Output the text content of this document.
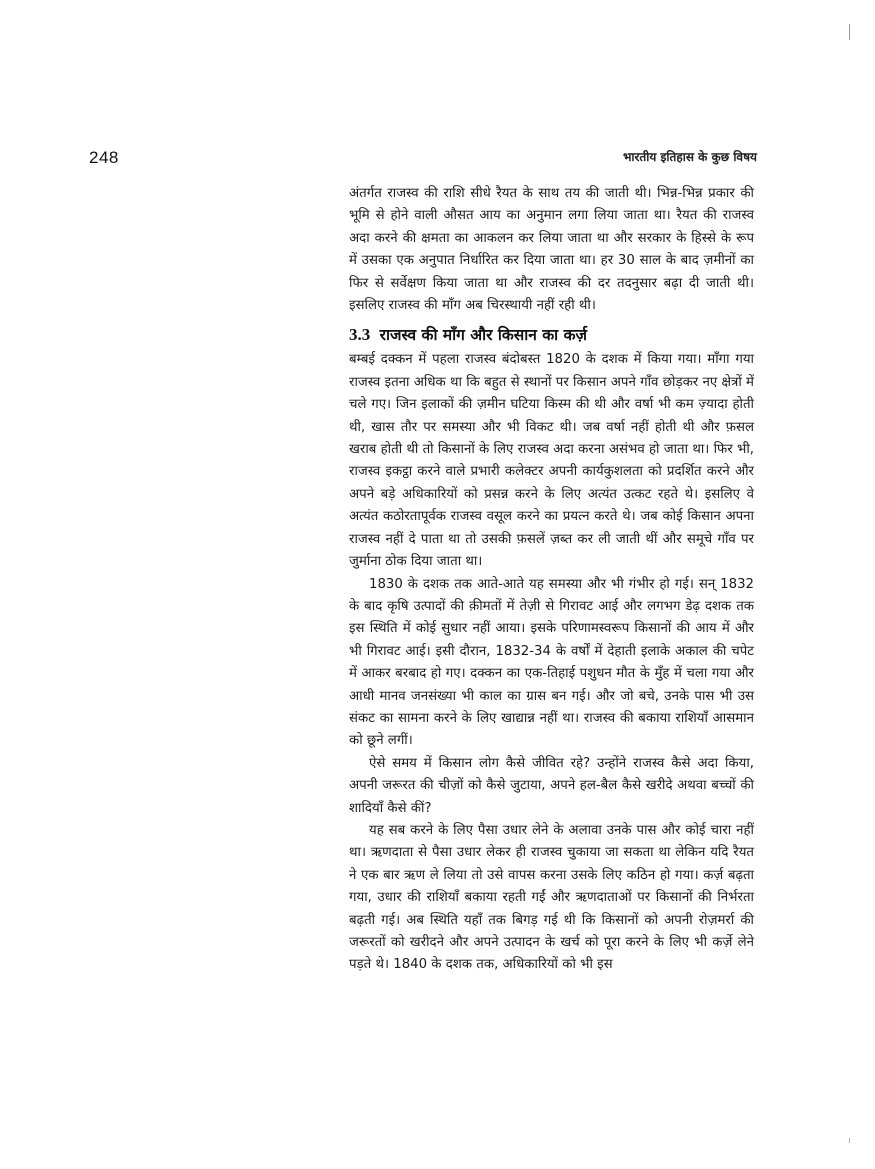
248	भारतीय इतिहास के कुछ विषय

अंतर्गत राजस्व की राशि सीधे रैयत के साथ तय की जाती थी। भिन्न-भिन्न प्रकार की भूमि से होने वाली औसत आय का अनुमान लगा लिया जाता था। रैयत की राजस्व अदा करने की क्षमता का आकलन कर लिया जाता था और सरकार के हिस्से के रूप में उसका एक अनुपात निर्धारित कर दिया जाता था। हर 30 साल के बाद ज़मीनों का फिर से सर्वेक्षण किया जाता था और राजस्व की दर तदनुसार बढ़ा दी जाती थी। इसलिए राजस्व की माँग अब चिरस्थायी नहीं रही थी।

3.3 राजस्व की माँग और किसान का कर्ज़

बम्बई दक्कन में पहला राजस्व बंदोबस्त 1820 के दशक में किया गया। माँगा गया राजस्व इतना अधिक था कि बहुत से स्थानों पर किसान अपने गाँव छोड़कर नए क्षेत्रों में चले गए। जिन इलाकों की ज़मीन घटिया किस्म की थी और वर्षा भी कम ज़्यादा होती थी, खास तौर पर समस्या और भी विकट थी। जब वर्षा नहीं होती थी और फ़सल खराब होती थी तो किसानों के लिए राजस्व अदा करना असंभव हो जाता था। फिर भी, राजस्व इकट्ठा करने वाले प्रभारी कलेक्टर अपनी कार्यकुशलता को प्रदर्शित करने और अपने बड़े अधिकारियों को प्रसन्न करने के लिए अत्यंत उत्कट रहते थे। इसलिए वे अत्यंत कठोरतापूर्वक राजस्व वसूल करने का प्रयत्न करते थे। जब कोई किसान अपना राजस्व नहीं दे पाता था तो उसकी फ़सलें ज़ब्त कर ली जाती थीं और समूचे गाँव पर जुर्माना ठोक दिया जाता था।

1830 के दशक तक आते-आते यह समस्या और भी गंभीर हो गई। सन् 1832 के बाद कृषि उत्पादों की क़ीमतों में तेज़ी से गिरावट आई और लगभग डेढ़ दशक तक इस स्थिति में कोई सुधार नहीं आया। इसके परिणामस्वरूप किसानों की आय में और भी गिरावट आई। इसी दौरान, 1832-34 के वर्षों में देहाती इलाके अकाल की चपेट में आकर बरबाद हो गए। दक्कन का एक-तिहाई पशुधन मौत के मुँह में चला गया और आधी मानव जनसंख्या भी काल का ग्रास बन गई। और जो बचे, उनके पास भी उस संकट का सामना करने के लिए खाद्यान्न नहीं था। राजस्व की बकाया राशियाँ आसमान को छूने लगीं।

ऐसे समय में किसान लोग कैसे जीवित रहे? उन्होंने राजस्व कैसे अदा किया, अपनी जरूरत की चीज़ों को कैसे जुटाया, अपने हल-बैल कैसे खरीदे अथवा बच्चों की शादियाँ कैसे कीं?

यह सब करने के लिए पैसा उधार लेने के अलावा उनके पास और कोई चारा नहीं था। ऋणदाता से पैसा उधार लेकर ही राजस्व चुकाया जा सकता था लेकिन यदि रैयत ने एक बार ऋण ले लिया तो उसे वापस करना उसके लिए कठिन हो गया। कर्ज़ बढ़ता गया, उधार की राशियाँ बकाया रहती गईं और ऋणदाताओं पर किसानों की निर्भरता बढ़ती गई। अब स्थिति यहाँ तक बिगड़ गई थी कि किसानों को अपनी रोज़मर्रा की जरूरतों को खरीदने और अपने उत्पादन के खर्च को पूरा करने के लिए भी कर्ज़े लेने पड़ते थे। 1840 के दशक तक, अधिकारियों को भी इस
